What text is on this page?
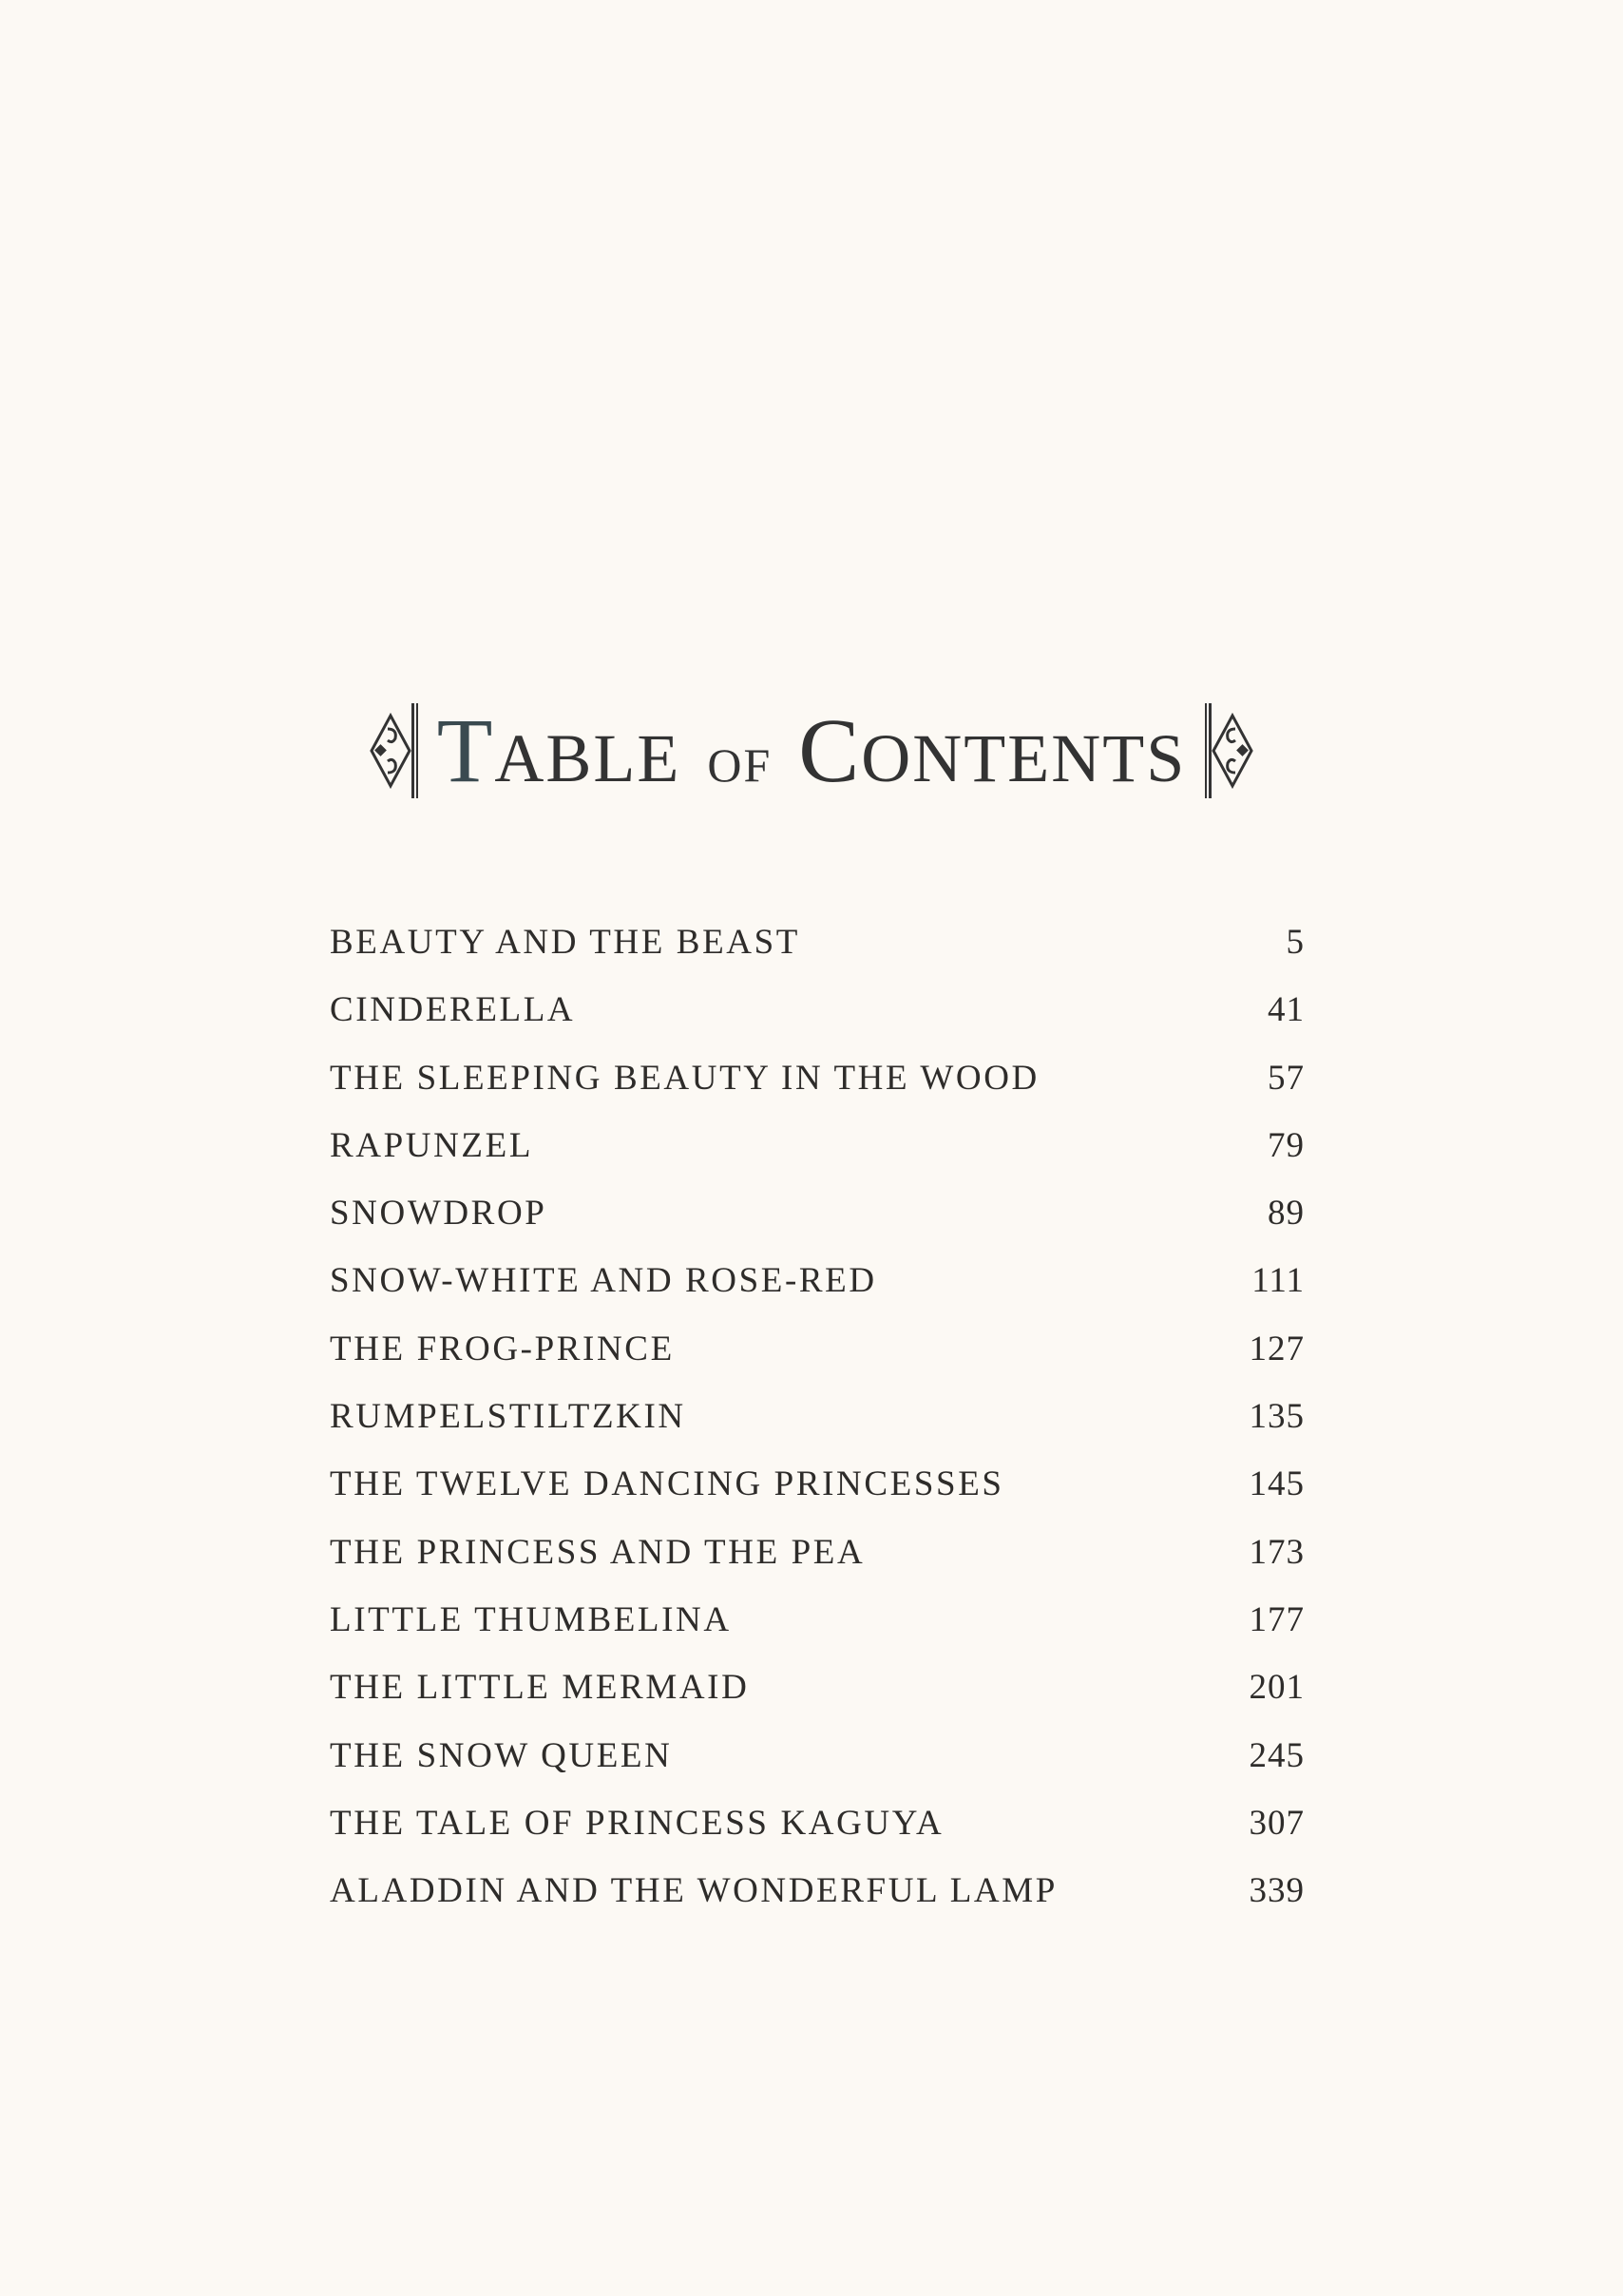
TABLE OF CONTENTS
BEAUTY AND THE BEAST	5
CINDERELLA	41
THE SLEEPING BEAUTY IN THE WOOD	57
RAPUNZEL	79
SNOWDROP	89
SNOW-WHITE AND ROSE-RED	111
THE FROG-PRINCE	127
RUMPELSTILTZKIN	135
THE TWELVE DANCING PRINCESSES	145
THE PRINCESS AND THE PEA	173
LITTLE THUMBELINA	177
THE LITTLE MERMAID	201
THE SNOW QUEEN	245
THE TALE OF PRINCESS KAGUYA	307
ALADDIN AND THE WONDERFUL LAMP	339
